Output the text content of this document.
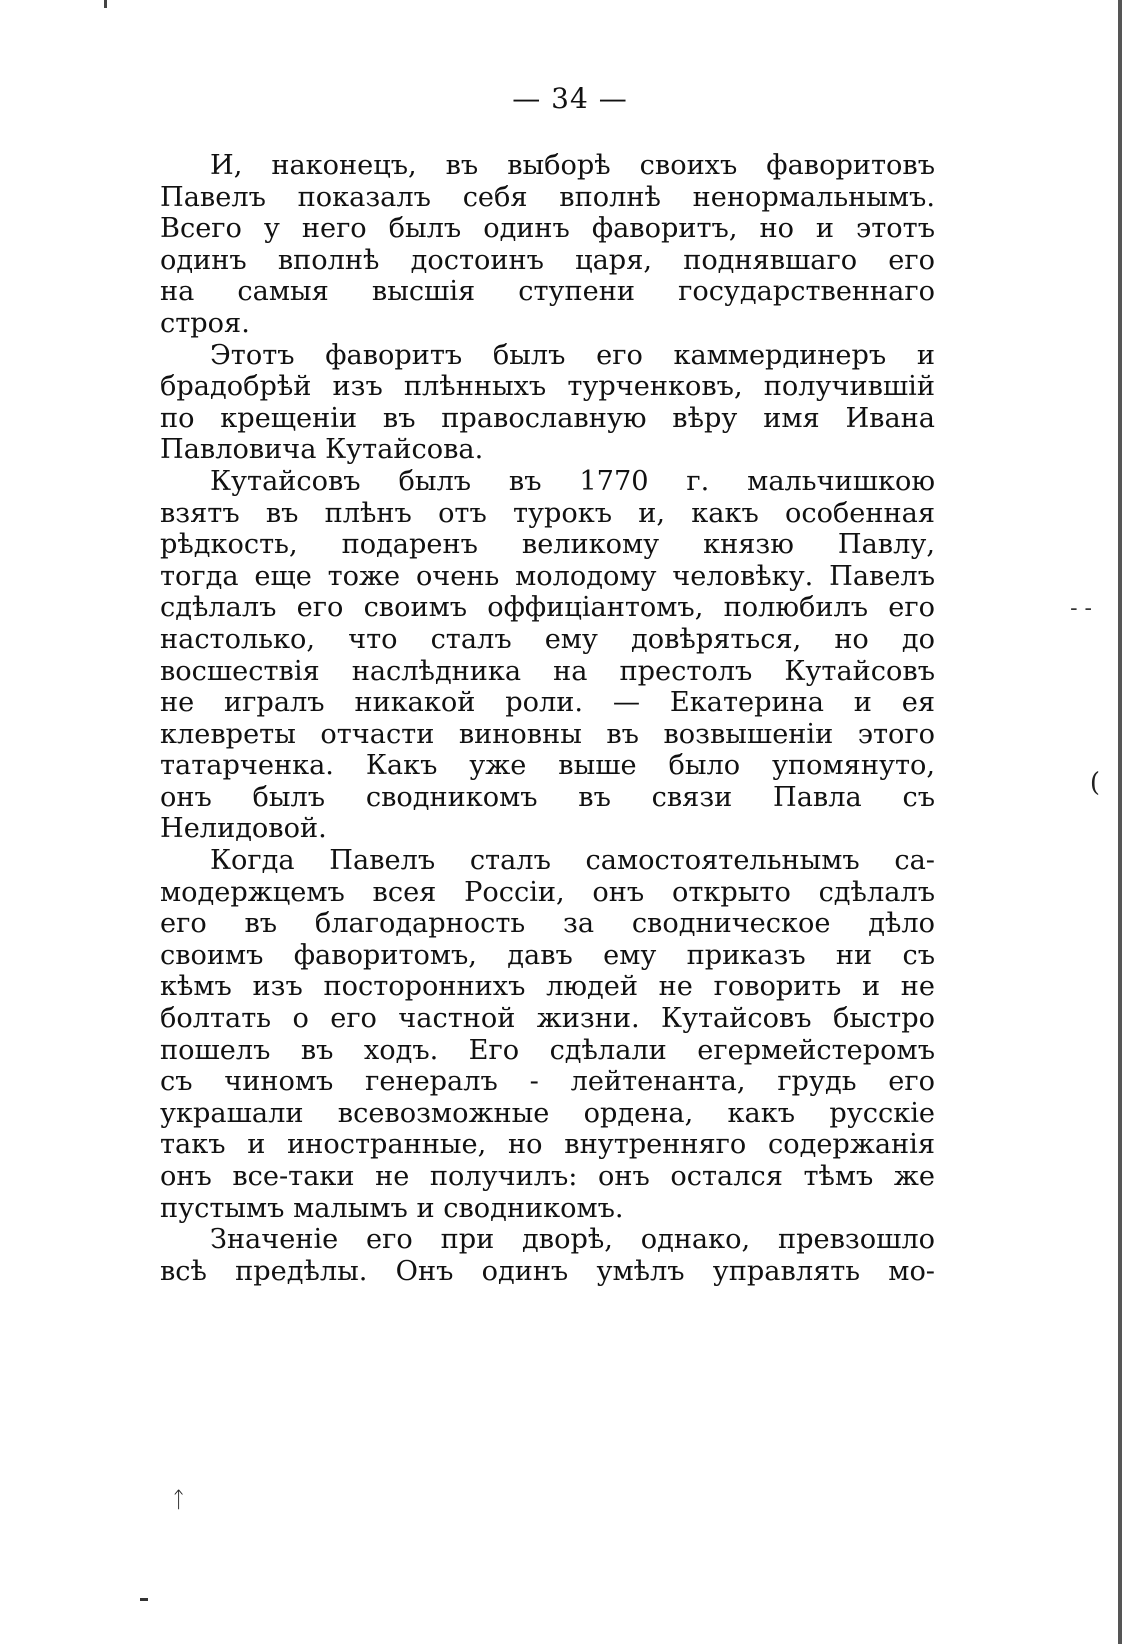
- -
(
ᛏ
— 34 —
И, наконецъ, въ выборѣ своихъ фаворитовъ
Павелъ показалъ себя вполнѣ ненормальнымъ.
Всего у него былъ одинъ фаворитъ, но и этотъ
одинъ вполнѣ достоинъ царя, поднявшаго его
на самыя высшія ступени государственнаго
строя.
Этотъ фаворитъ былъ его каммердинеръ и
брадобрѣй изъ плѣнныхъ турченковъ, получившій
по крещеніи въ православную вѣру имя Ивана
Павловича Кутайсова.
Кутайсовъ былъ въ 1770 г. мальчишкою
взятъ въ плѣнъ отъ турокъ и, какъ особенная
рѣдкость, подаренъ великому князю Павлу,
тогда еще тоже очень молодому человѣку. Павелъ
сдѣлалъ его своимъ оффиціантомъ, полюбилъ его
настолько, что сталъ ему довѣряться, но до
восшествія наслѣдника на престолъ Кутайсовъ
не игралъ никакой роли. — Екатерина и ея
клевреты отчасти виновны въ возвышеніи этого
татарченка. Какъ уже выше было упомянуто,
онъ былъ сводникомъ въ связи Павла съ
Нелидовой.
Когда Павелъ сталъ самостоятельнымъ са-
модержцемъ всея Россіи, онъ открыто сдѣлалъ
его въ благодарность за сводническое дѣло
своимъ фаворитомъ, давъ ему приказъ ни съ
кѣмъ изъ постороннихъ людей не говорить и не
болтать о его частной жизни. Кутайсовъ быстро
пошелъ въ ходъ. Его сдѣлали егермейстеромъ
съ чиномъ генералъ - лейтенанта, грудь его
украшали всевозможные ордена, какъ русскіе
такъ и иностранные, но внутренняго содержанія
онъ все-таки не получилъ: онъ остался тѣмъ же
пустымъ малымъ и сводникомъ.
Значеніе его при дворѣ, однако, превзошло
всѣ предѣлы. Онъ одинъ умѣлъ управлять мо-
